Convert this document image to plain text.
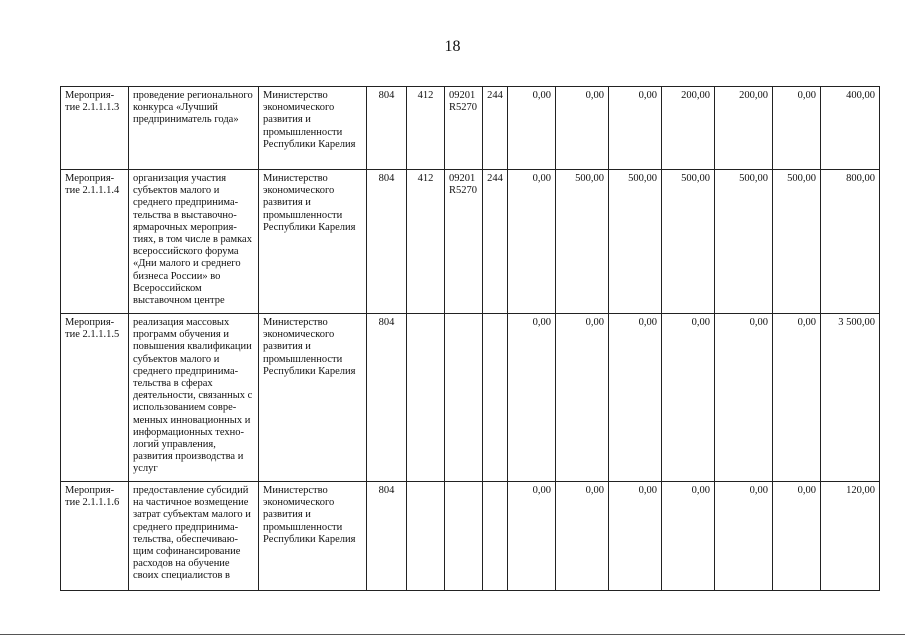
18
Мероприя-тие 2.1.1.1.3	проведение регионального конкурса «Лучший предприниматель года»	Министерство экономического развития и промышленности Республики Карелия	804	412	09201 R5270	244	0,00	0,00	0,00	200,00	200,00	0,00	400,00
Мероприя-тие 2.1.1.1.4	организация участия субъектов малого и среднего предпринима-тельства в выставочно-ярмарочных мероприя-тиях, в том числе в рамках всероссийского форума «Дни малого и среднего бизнеса России» во Всероссийском выставочном центре	Министерство экономического развития и промышленности Республики Карелия	804	412	09201 R5270	244	0,00	500,00	500,00	500,00	500,00	500,00	800,00
Мероприя-тие 2.1.1.1.5	реализация массовых программ обучения и повышения квалификации субъектов малого и среднего предпринима-тельства в сферах деятельности, связанных с использованием совре-менных инновационных и информационных техно-логий управления, развития производства и услуг	Министерство экономического развития и промышленности Республики Карелия	804				0,00	0,00	0,00	0,00	0,00	0,00	3 500,00
Мероприя-тие 2.1.1.1.6	предоставление субсидий на частичное возмещение затрат субъектам малого и среднего предпринима-тельства, обеспечиваю-щим софинансирование расходов на обучение своих специалистов в	Министерство экономического развития и промышленности Республики Карелия	804				0,00	0,00	0,00	0,00	0,00	0,00	120,00
